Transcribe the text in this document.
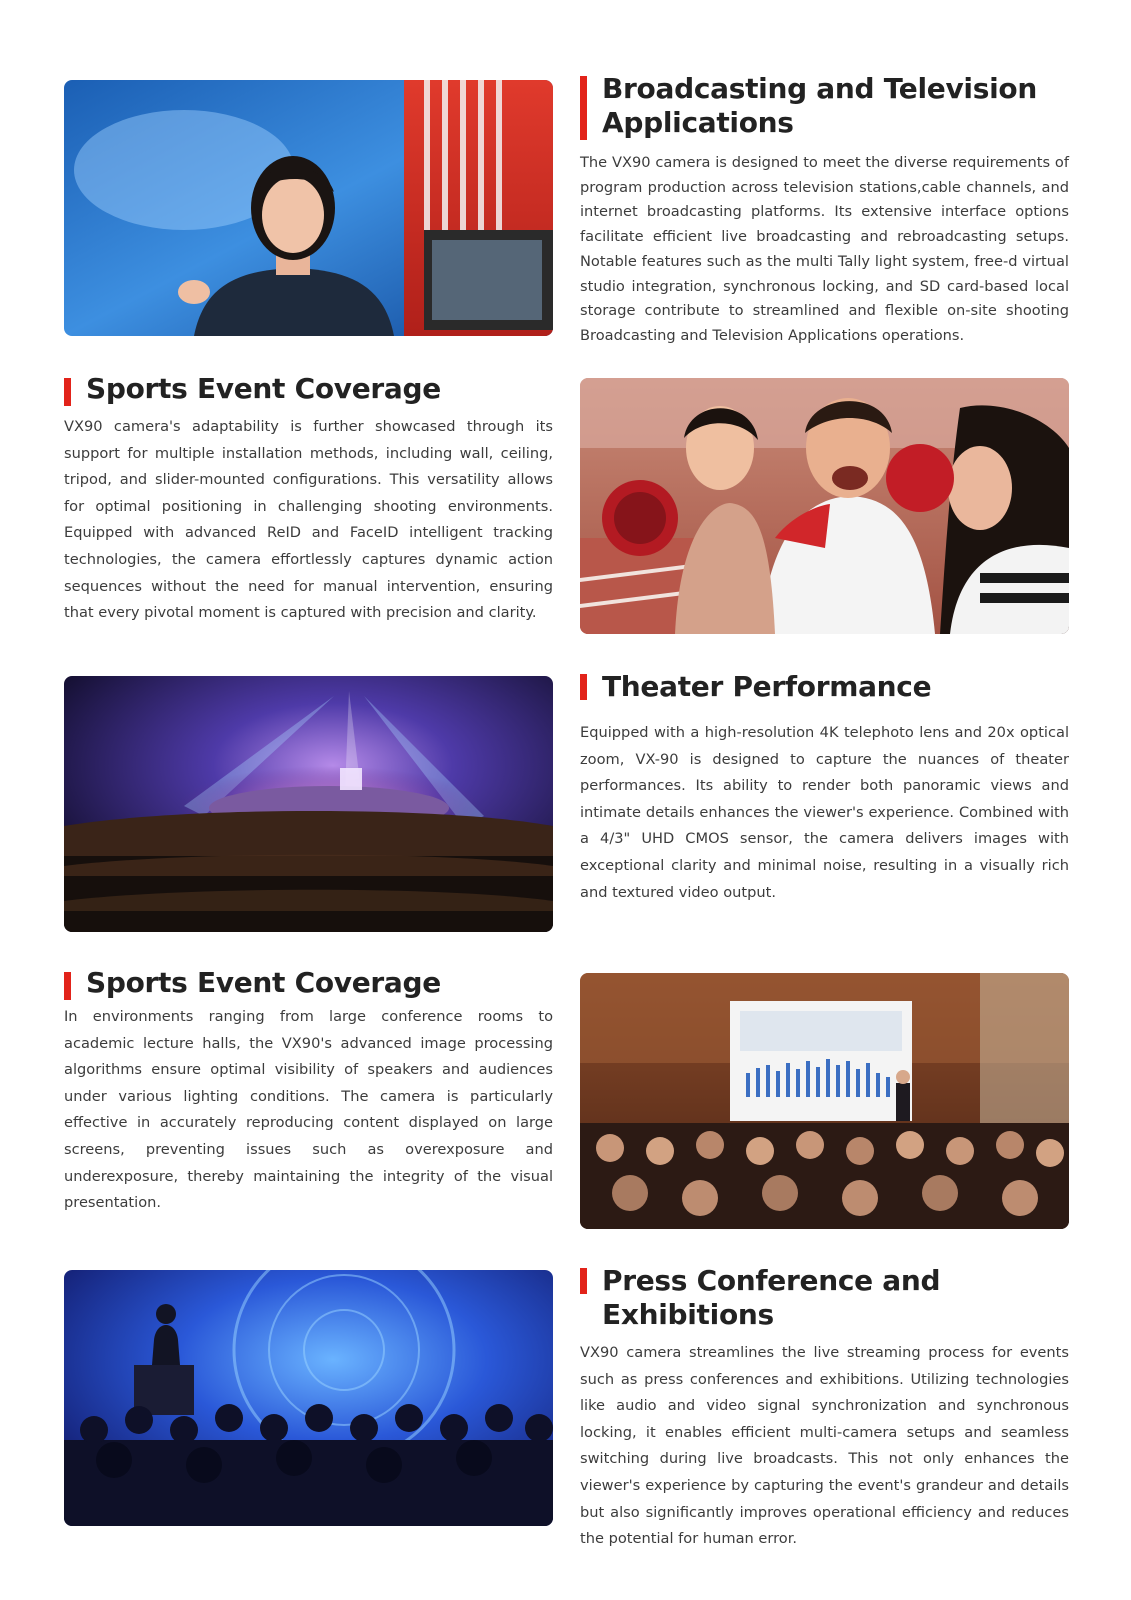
Broadcasting and Television Applications

The VX90 camera is designed to meet the diverse requirements of program production across television stations,cable channels, and internet broadcasting platforms. Its extensive interface options facilitate efficient live broadcasting and rebroadcasting setups. Notable features such as the multi Tally light system, free-d virtual studio integration, synchronous locking, and SD card-based local storage contribute to streamlined and flexible on-site shooting Broadcasting and Television Applications operations.

Sports Event Coverage

VX90 camera's adaptability is further showcased through its support for multiple installation methods, including wall, ceiling, tripod, and slider-mounted configurations. This versatility allows for optimal positioning in challenging shooting environments. Equipped with advanced ReID and FaceID intelligent tracking technologies, the camera effortlessly captures dynamic action sequences without the need for manual intervention, ensuring that every pivotal moment is captured with precision and clarity.

Theater Performance

Equipped with a high-resolution 4K telephoto lens and 20x optical zoom, VX-90 is designed to capture the nuances of theater performances. Its ability to render both panoramic views and intimate details enhances the viewer's experience. Combined with a 4/3" UHD CMOS sensor, the camera delivers images with exceptional clarity and minimal noise, resulting in a visually rich and textured video output.

Sports Event Coverage

In environments ranging from large conference rooms to academic lecture halls, the VX90's advanced image processing algorithms ensure optimal visibility of speakers and audiences under various lighting conditions. The camera is particularly effective in accurately reproducing content displayed on large screens, preventing issues such as overexposure and underexposure, thereby maintaining the integrity of the visual presentation.

Press Conference and Exhibitions

VX90 camera streamlines the live streaming process for events such as press conferences and exhibitions. Utilizing technologies like audio and video signal synchronization and synchronous locking, it enables efficient multi-camera setups and seamless switching during live broadcasts. This not only enhances the viewer's experience by capturing the event's grandeur and details but also significantly improves operational efficiency and reduces the potential for human error.
